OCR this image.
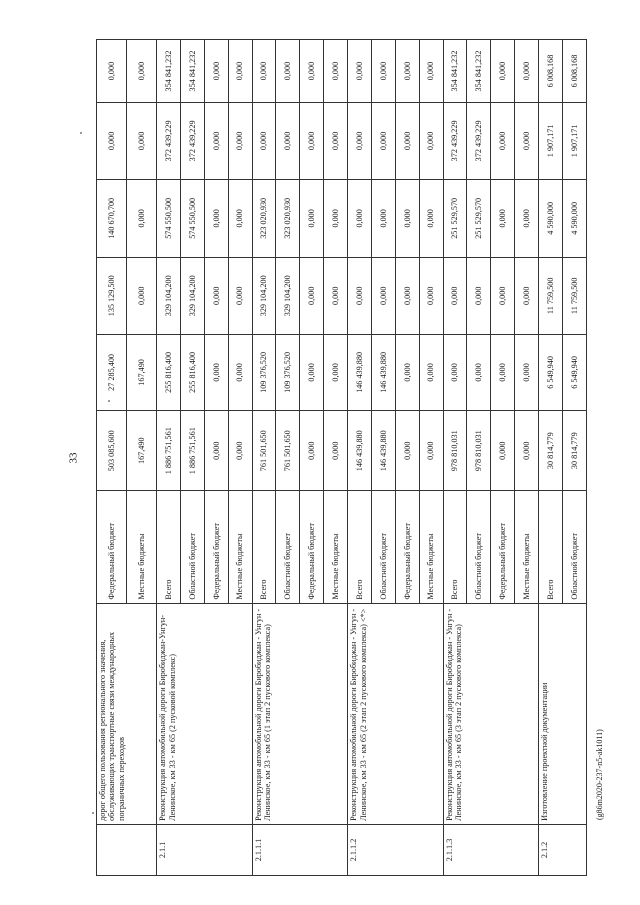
33
	дорог общего пользования регионального значения, обслуживающих транспортные связи международных пограничных переходов	Федеральный бюджет	503 085,600	27 285,400	135 129,500	140 670,700	0,000	0,000
		Местные бюджеты	167,490	167,490	0,000	0,000	0,000	0,000
2.1.1	Реконструкция автомобильной дороги Биробиджан-Унгун-Ленинское, км 33 - км 65 (2 пусковой комплекс)	Всего	1 886 751,561	255 816,400	329 104,200	574 550,500	372 439,229	354 841,232
		Областной бюджет	1 886 751,561	255 816,400	329 104,200	574 550,500	372 439,229	354 841,232
		Федеральный бюджет	0,000	0,000	0,000	0,000	0,000	0,000
		Местные бюджеты	0,000	0,000	0,000	0,000	0,000	0,000
2.1.1.1	Реконструкция автомобильной дороги Биробиджан - Унгун - Ленинское, км 33 - км 65 (1 этап 2 пускового комплекса)	Всего	761 501,650	109 376,520	329 104,200	323 020,930	0,000	0,000
		Областной бюджет	761 501,650	109 376,520	329 104,200	323 020,930	0,000	0,000
		Федеральный бюджет	0,000	0,000	0,000	0,000	0,000	0,000
		Местные бюджеты	0,000	0,000	0,000	0,000	0,000	0,000
2.1.1.2	Реконструкция автомобильной дороги Биробиджан - Унгун - Ленинское, км 33 - км 65 (2 этап 2 пускового комплекса) <*>	Всего	146 439,880	146 439,880	0,000	0,000	0,000	0,000
		Областной бюджет	146 439,880	146 439,880	0,000	0,000	0,000	0,000
		Федеральный бюджет	0,000	0,000	0,000	0,000	0,000	0,000
		Местные бюджеты	0,000	0,000	0,000	0,000	0,000	0,000
2.1.1.3	Реконструкция автомобильной дороги Биробиджан - Унгун - Ленинское, км 33 - км 65 (3 этап 2 пускового комплекса)	Всего	978 810,031	0,000	0,000	251 529,570	372 439,229	354 841,232
		Областной бюджет	978 810,031	0,000	0,000	251 529,570	372 439,229	354 841,232
		Федеральный бюджет	0,000	0,000	0,000	0,000	0,000	0,000
		Местные бюджеты	0,000	0,000	0,000	0,000	0,000	0,000
2.1.2	Изготовление проектной документации	Всего	30 814,779	6 549,940	11 759,500	4 590,000	1 907,171	6 008,168
		Областной бюджет	30 814,779	6 549,940	11 759,500	4 590,000	1 907,171	6 008,168
(g86m2020-237-n5-ak1011)
